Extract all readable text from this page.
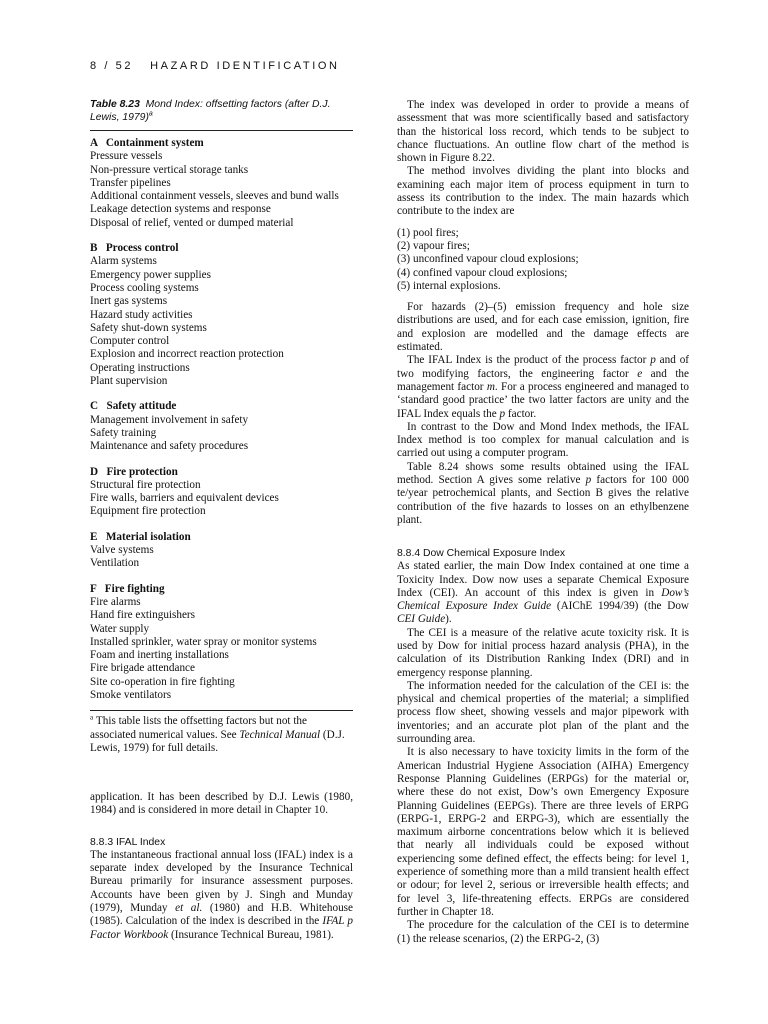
8 / 52 HAZARD IDENTIFICATION
Table 8.23 Mond Index: offsetting factors (after D.J. Lewis, 1979)$^a$
A   Containment system
Pressure vessels
Non-pressure vertical storage tanks
Transfer pipelines
Additional containment vessels, sleeves and bund walls
Leakage detection systems and response
Disposal of relief, vented or dumped material
B   Process control
Alarm systems
Emergency power supplies
Process cooling systems
Inert gas systems
Hazard study activities
Safety shut-down systems
Computer control
Explosion and incorrect reaction protection
Operating instructions
Plant supervision
C   Safety attitude
Management involvement in safety
Safety training
Maintenance and safety procedures
D   Fire protection
Structural fire protection
Fire walls, barriers and equivalent devices
Equipment fire protection
E   Material isolation
Valve systems
Ventilation
F   Fire fighting
Fire alarms
Hand fire extinguishers
Water supply
Installed sprinkler, water spray or monitor systems
Foam and inerting installations
Fire brigade attendance
Site co-operation in fire fighting
Smoke ventilators
$^a$ This table lists the offsetting factors but not the associated numerical values. See Technical Manual (D.J. Lewis, 1979) for full details.

application. It has been described by D.J. Lewis (1980, 1984) and is considered in more detail in Chapter 10.

8.8.3 IFAL Index

The instantaneous fractional annual loss (IFAL) index is a separate index developed by the Insurance Technical Bureau primarily for insurance assessment purposes. Accounts have been given by J. Singh and Munday (1979), Munday et al. (1980) and H.B. Whitehouse (1985). Calculation of the index is described in the IFAL p Factor Workbook (Insurance Technical Bureau, 1981).

The index was developed in order to provide a means of assessment that was more scientifically based and satisfactory than the historical loss record, which tends to be subject to chance fluctuations. An outline flow chart of the method is shown in Figure 8.22.

The method involves dividing the plant into blocks and examining each major item of process equipment in turn to assess its contribution to the index. The main hazards which contribute to the index are

(1) pool fires;
(2) vapour fires;
(3) unconfined vapour cloud explosions;
(4) confined vapour cloud explosions;
(5) internal explosions.

For hazards (2)–(5) emission frequency and hole size distributions are used, and for each case emission, ignition, fire and explosion are modelled and the damage effects are estimated.

The IFAL Index is the product of the process factor p and of two modifying factors, the engineering factor e and the management factor m. For a process engineered and managed to ‘standard good practice’ the two latter factors are unity and the IFAL Index equals the p factor.

In contrast to the Dow and Mond Index methods, the IFAL Index method is too complex for manual calculation and is carried out using a computer program.

Table 8.24 shows some results obtained using the IFAL method. Section A gives some relative p factors for 100 000 te/year petrochemical plants, and Section B gives the relative contribution of the five hazards to losses on an ethylbenzene plant.

8.8.4 Dow Chemical Exposure Index

As stated earlier, the main Dow Index contained at one time a Toxicity Index. Dow now uses a separate Chemical Exposure Index (CEI). An account of this index is given in Dow’s Chemical Exposure Index Guide (AIChE 1994/39) (the Dow CEI Guide).

The CEI is a measure of the relative acute toxicity risk. It is used by Dow for initial process hazard analysis (PHA), in the calculation of its Distribution Ranking Index (DRI) and in emergency response planning.

The information needed for the calculation of the CEI is: the physical and chemical properties of the material; a simplified process flow sheet, showing vessels and major pipework with inventories; and an accurate plot plan of the plant and the surrounding area.

It is also necessary to have toxicity limits in the form of the American Industrial Hygiene Association (AIHA) Emergency Response Planning Guidelines (ERPGs) for the material or, where these do not exist, Dow’s own Emergency Exposure Planning Guidelines (EEPGs). There are three levels of ERPG (ERPG-1, ERPG-2 and ERPG-3), which are essentially the maximum airborne concentrations below which it is believed that nearly all individuals could be exposed without experiencing some defined effect, the effects being: for level 1, experience of something more than a mild transient health effect or odour; for level 2, serious or irreversible health effects; and for level 3, life-threatening effects. ERPGs are considered further in Chapter 18.

The procedure for the calculation of the CEI is to determine (1) the release scenarios, (2) the ERPG-2, (3)
